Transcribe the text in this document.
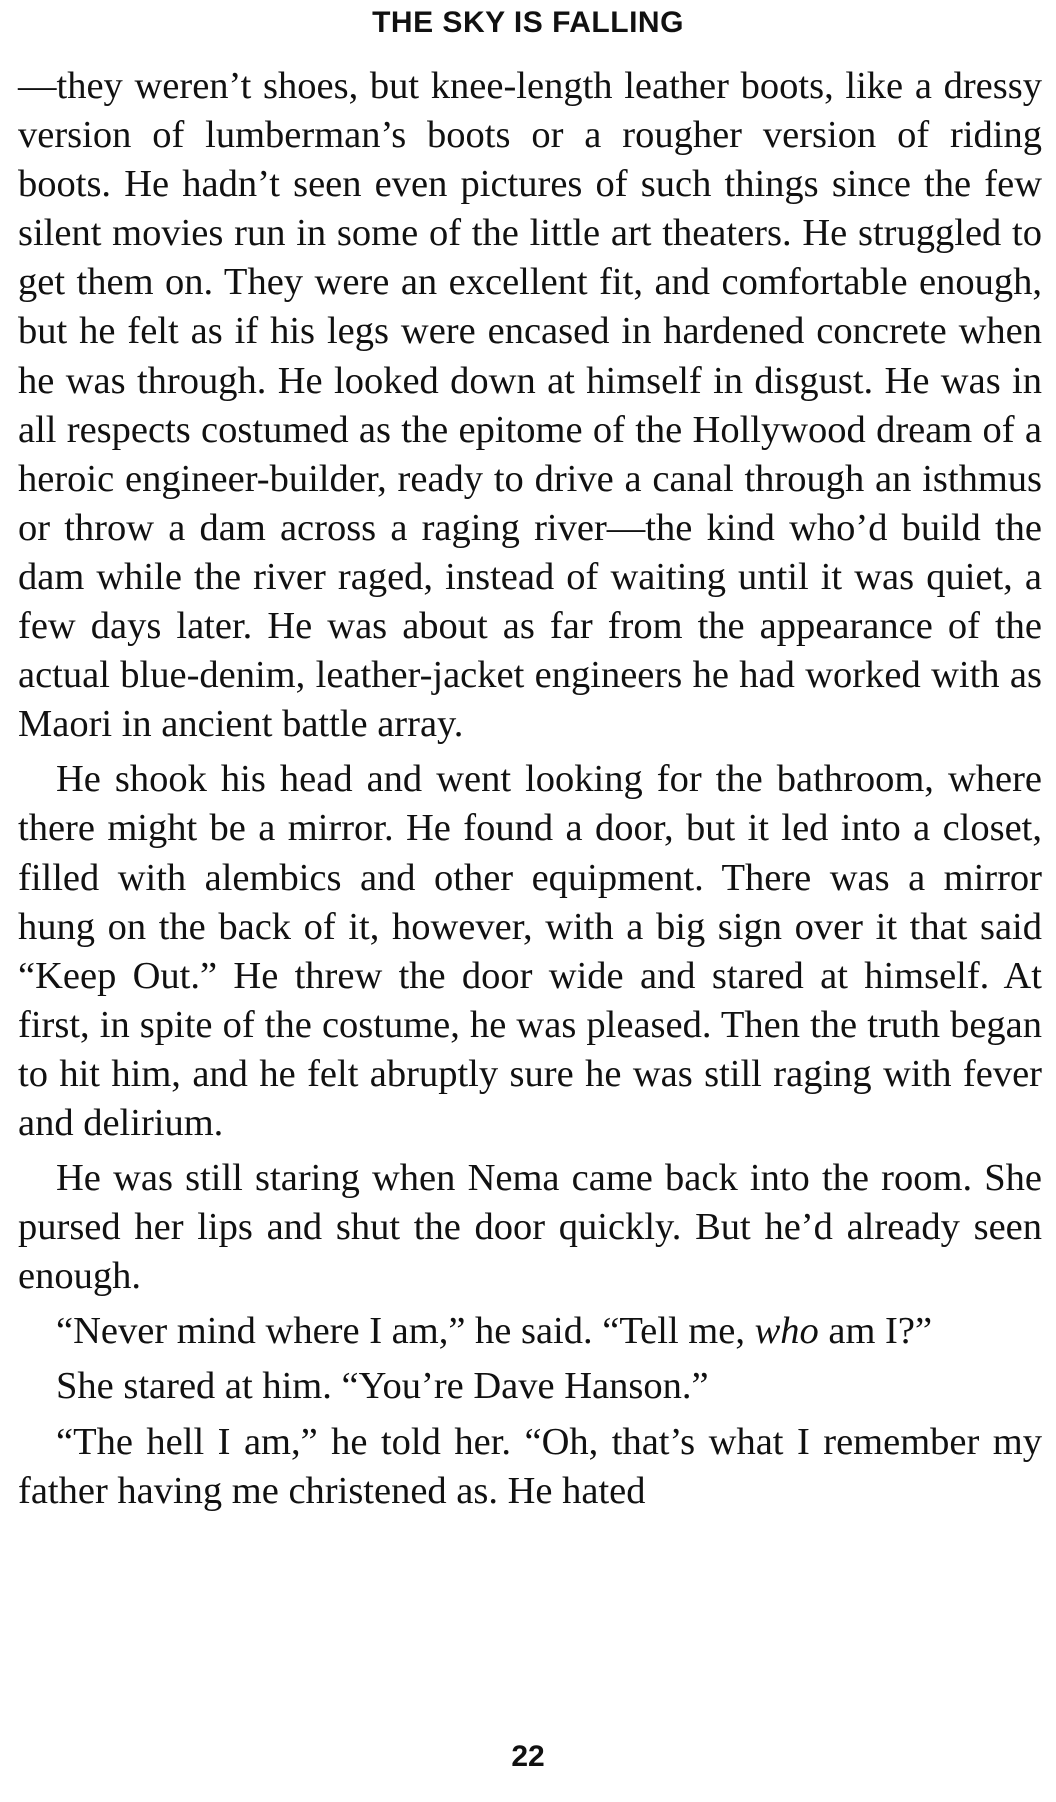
THE SKY IS FALLING

—they weren’t shoes, but knee-length leather boots, like a dressy version of lumberman’s boots or a rougher version of riding boots. He hadn’t seen even pictures of such things since the few silent movies run in some of the little art theaters. He struggled to get them on. They were an excellent fit, and comfortable enough, but he felt as if his legs were encased in hardened concrete when he was through. He looked down at himself in disgust. He was in all respects costumed as the epitome of the Hollywood dream of a heroic engineer-builder, ready to drive a canal through an isthmus or throw a dam across a raging river—the kind who’d build the dam while the river raged, instead of waiting until it was quiet, a few days later. He was about as far from the appearance of the actual blue-denim, leather-jacket engineers he had worked with as Maori in ancient battle array.

He shook his head and went looking for the bathroom, where there might be a mirror. He found a door, but it led into a closet, filled with alembics and other equipment. There was a mirror hung on the back of it, however, with a big sign over it that said “Keep Out.” He threw the door wide and stared at himself. At first, in spite of the costume, he was pleased. Then the truth began to hit him, and he felt abruptly sure he was still raging with fever and delirium.

He was still staring when Nema came back into the room. She pursed her lips and shut the door quickly. But he’d already seen enough.

“Never mind where I am,” he said. “Tell me, who am I?”

She stared at him. “You’re Dave Hanson.”

“The hell I am,” he told her. “Oh, that’s what I remember my father having me christened as. He hated

22
